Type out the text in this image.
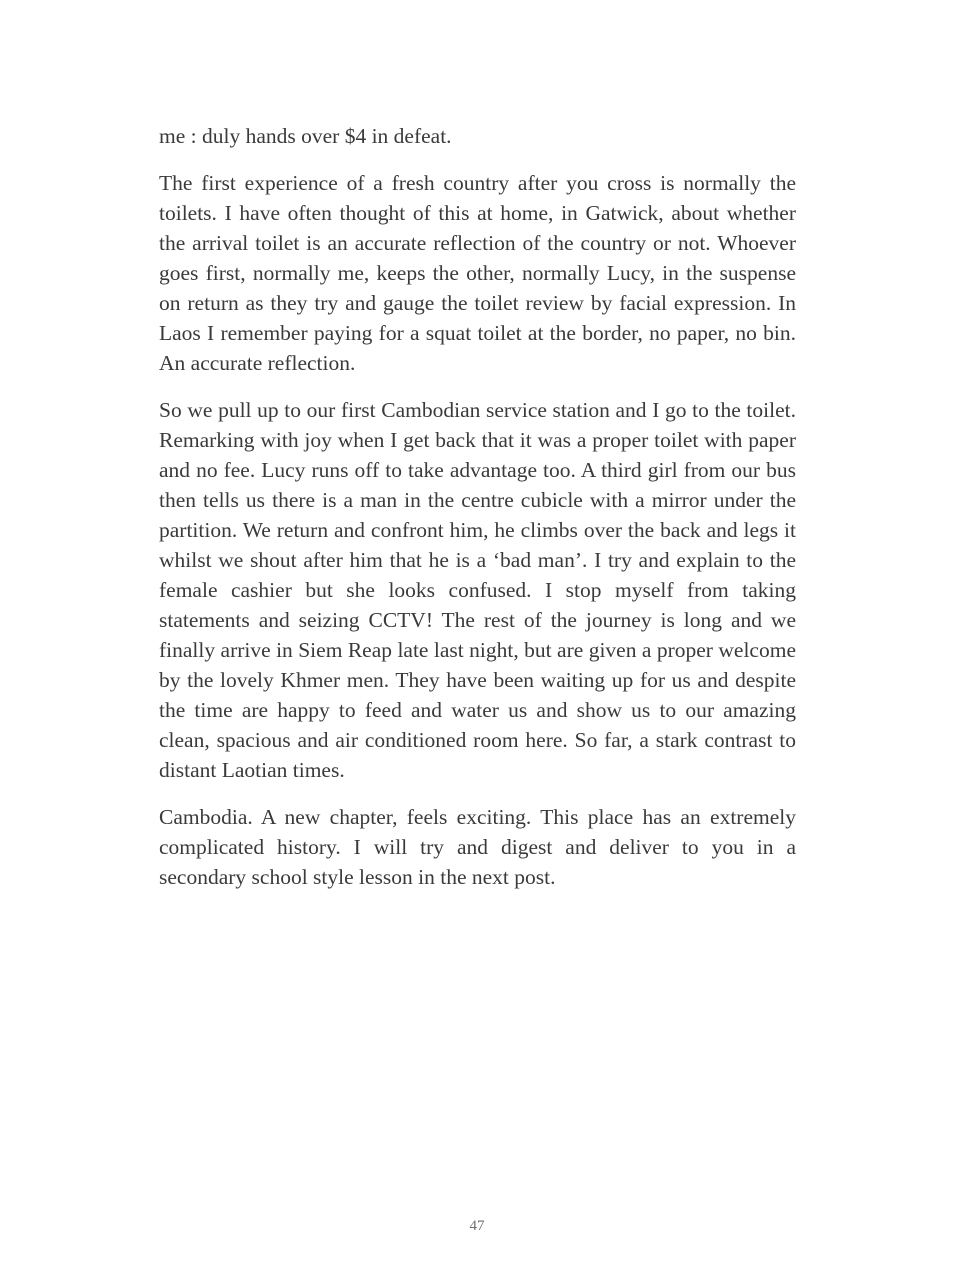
me : duly hands over $4 in defeat.

The first experience of a fresh country after you cross is normally the toilets. I have often thought of this at home, in Gatwick, about whether the arrival toilet is an accurate reflection of the country or not. Whoever goes first, normally me, keeps the other, normally Lucy, in the suspense on return as they try and gauge the toilet review by facial expression. In Laos I remember paying for a squat toilet at the border, no paper, no bin. An accurate reflection.

So we pull up to our first Cambodian service station and I go to the toilet. Remarking with joy when I get back that it was a proper toilet with paper and no fee. Lucy runs off to take advantage too. A third girl from our bus then tells us there is a man in the centre cubicle with a mirror under the partition. We return and confront him, he climbs over the back and legs it whilst we shout after him that he is a ‘bad man’. I try and explain to the female cashier but she looks confused. I stop myself from taking statements and seizing CCTV! The rest of the journey is long and we finally arrive in Siem Reap late last night, but are given a proper welcome by the lovely Khmer men. They have been waiting up for us and despite the time are happy to feed and water us and show us to our amazing clean, spacious and air conditioned room here. So far, a stark contrast to distant Laotian times.

Cambodia. A new chapter, feels exciting. This place has an extremely complicated history. I will try and digest and deliver to you in a secondary school style lesson in the next post.

47
